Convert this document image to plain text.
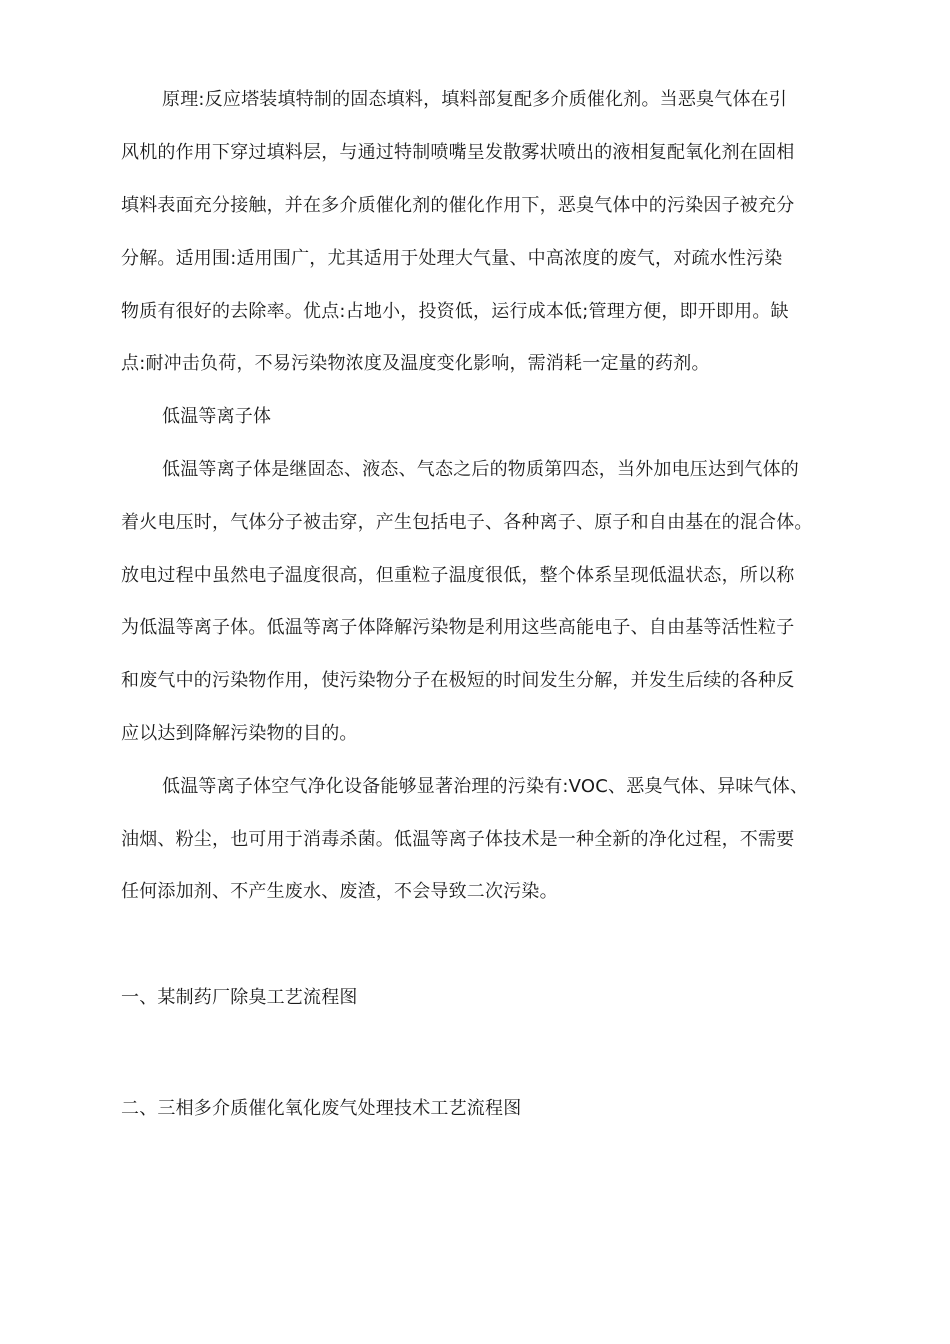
原理:反应塔装填特制的固态填料，填料部复配多介质催化剂。当恶臭气体在引
风机的作用下穿过填料层，与通过特制喷嘴呈发散雾状喷出的液相复配氧化剂在固相
填料表面充分接触，并在多介质催化剂的催化作用下，恶臭气体中的污染因子被充分
分解。适用围:适用围广，尤其适用于处理大气量、中高浓度的废气，对疏水性污染
物质有很好的去除率。优点:占地小，投资低，运行成本低;管理方便，即开即用。缺
点:耐冲击负荷，不易污染物浓度及温度变化影响，需消耗一定量的药剂。
低温等离子体
低温等离子体是继固态、液态、气态之后的物质第四态，当外加电压达到气体的
着火电压时，气体分子被击穿，产生包括电子、各种离子、原子和自由基在的混合体。
放电过程中虽然电子温度很高，但重粒子温度很低，整个体系呈现低温状态，所以称
为低温等离子体。低温等离子体降解污染物是利用这些高能电子、自由基等活性粒子
和废气中的污染物作用，使污染物分子在极短的时间发生分解，并发生后续的各种反
应以达到降解污染物的目的。
低温等离子体空气净化设备能够显著治理的污染有:VOC、恶臭气体、异味气体、
油烟、粉尘，也可用于消毒杀菌。低温等离子体技术是一种全新的净化过程，不需要
任何添加剂、不产生废水、废渣，不会导致二次污染。
一、某制药厂除臭工艺流程图
二、三相多介质催化氧化废气处理技术工艺流程图
